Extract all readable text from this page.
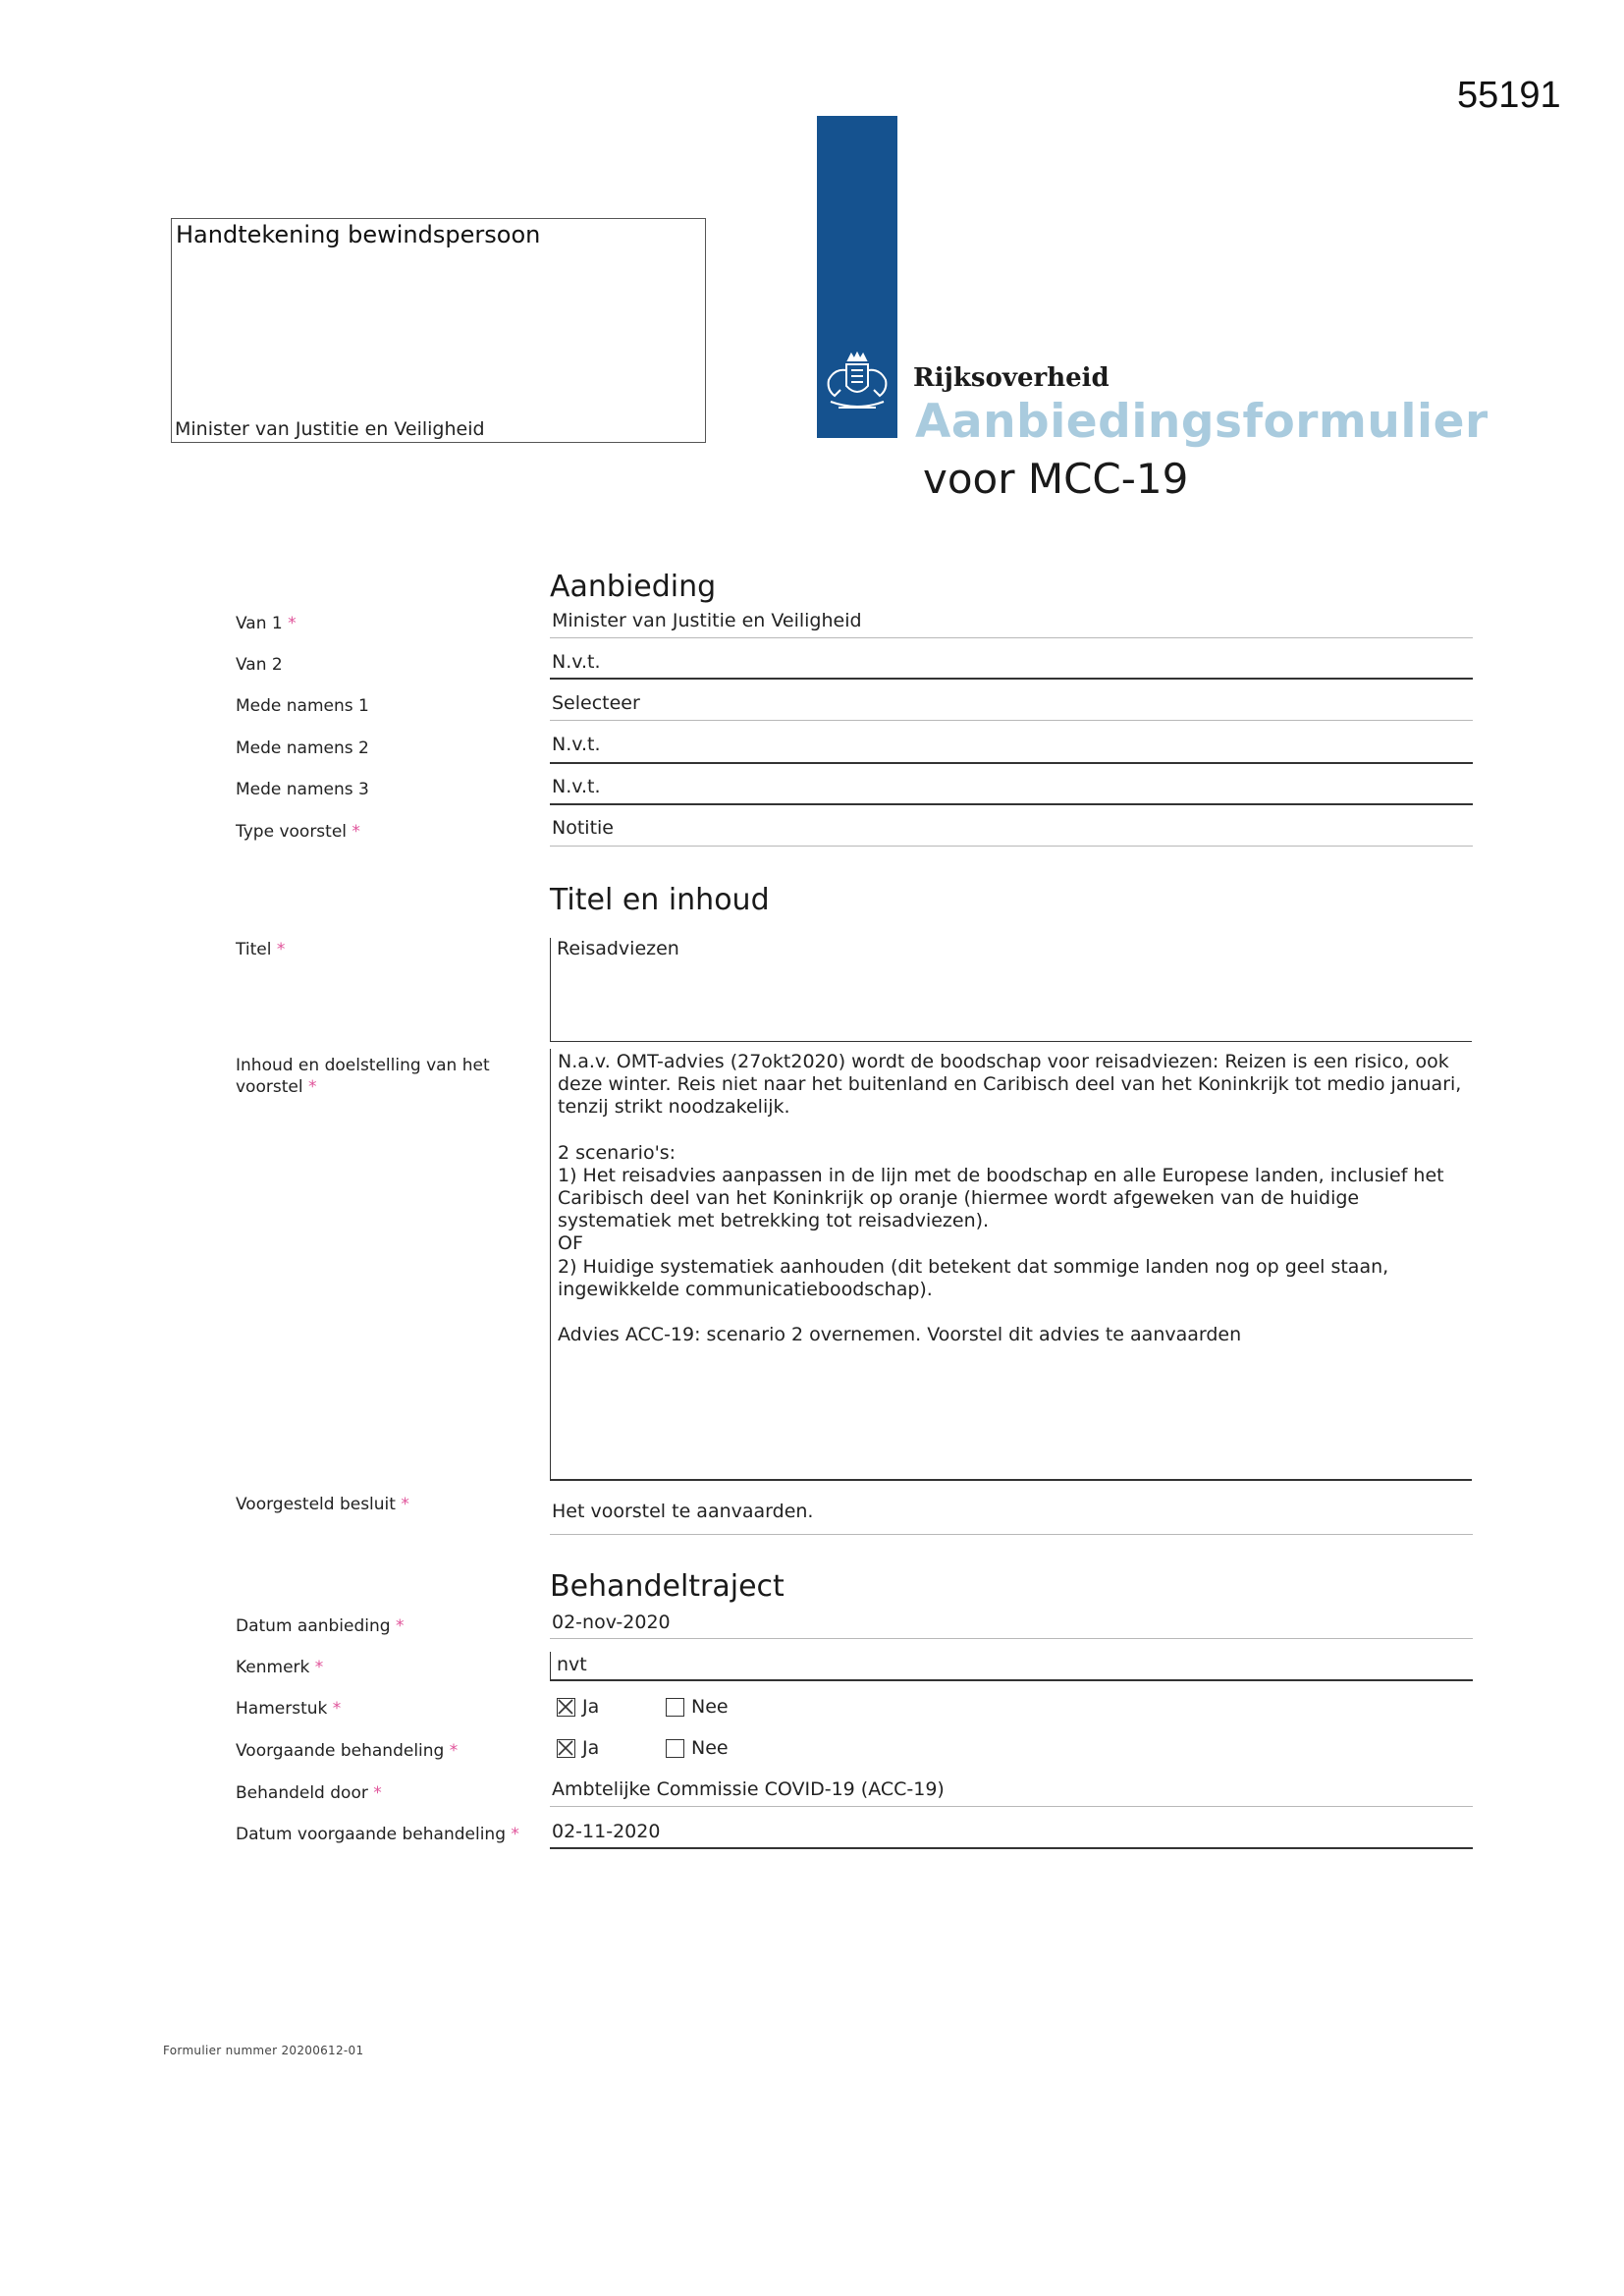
55191
Handtekening bewindspersoon
Minister van Justitie en Veiligheid
Rijksoverheid
Aanbiedingsformulier
voor MCC-19
Aanbieding
Van 1 *	Minister van Justitie en Veiligheid
Van 2	N.v.t.
Mede namens 1	Selecteer
Mede namens 2	N.v.t.
Mede namens 3	N.v.t.
Type voorstel *	Notitie
Titel en inhoud
Titel *	Reisadviezen
Inhoud en doelstelling van het
voorstel *

N.a.v. OMT-advies (27okt2020) wordt de boodschap voor reisadviezen: Reizen is een risico, ook deze winter. Reis niet naar het buitenland en Caribisch deel van het Koninkrijk tot medio januari, tenzij strikt noodzakelijk.

2 scenario's:
1) Het reisadvies aanpassen in de lijn met de boodschap en alle Europese landen, inclusief het Caribisch deel van het Koninkrijk op oranje (hiermee wordt afgeweken van de huidige systematiek met betrekking tot reisadviezen).
OF
2) Huidige systematiek aanhouden (dit betekent dat sommige landen nog op geel staan, ingewikkelde communicatieboodschap).

Advies ACC-19: scenario 2 overnemen. Voorstel dit advies te aanvaarden

Voorgesteld besluit *	Het voorstel te aanvaarden.
Behandeltraject
Datum aanbieding *	02-nov-2020
Kenmerk *	nvt
Hamerstuk *	Ja	Nee
Voorgaande behandeling *	Ja	Nee
Behandeld door *	Ambtelijke Commissie COVID-19 (ACC-19)
Datum voorgaande behandeling * 02-11-2020
Formulier nummer 20200612-01
